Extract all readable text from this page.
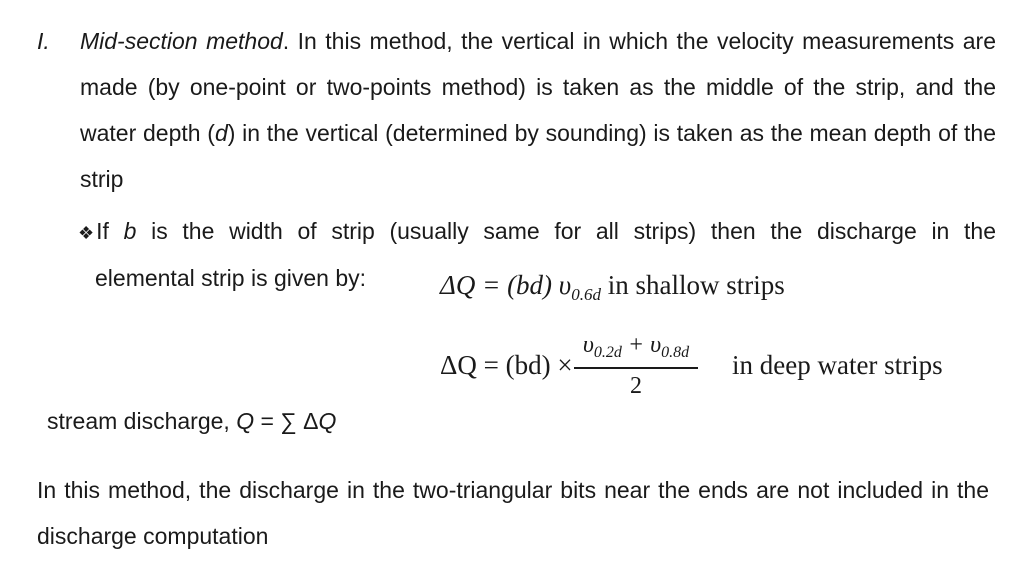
I. Mid-section method. In this method, the vertical in which the velocity measurements are made (by one-point or two-points method) is taken as the middle of the strip, and the water depth (d) in the vertical (determined by sounding) is taken as the mean depth of the strip
❖If b is the width of strip (usually same for all strips) then the discharge in the
elemental strip is given by:	ΔQ = (bd) $\upsilon_{0.6d}$ in shallow strips
ΔQ = (bd) ×
$\upsilon_{0.2d} + \upsilon_{0.8d}$
2
in deep water strips
stream discharge, Q = ∑ ΔQ
In this method, the discharge in the two-triangular bits near the ends are not included in the discharge computation
